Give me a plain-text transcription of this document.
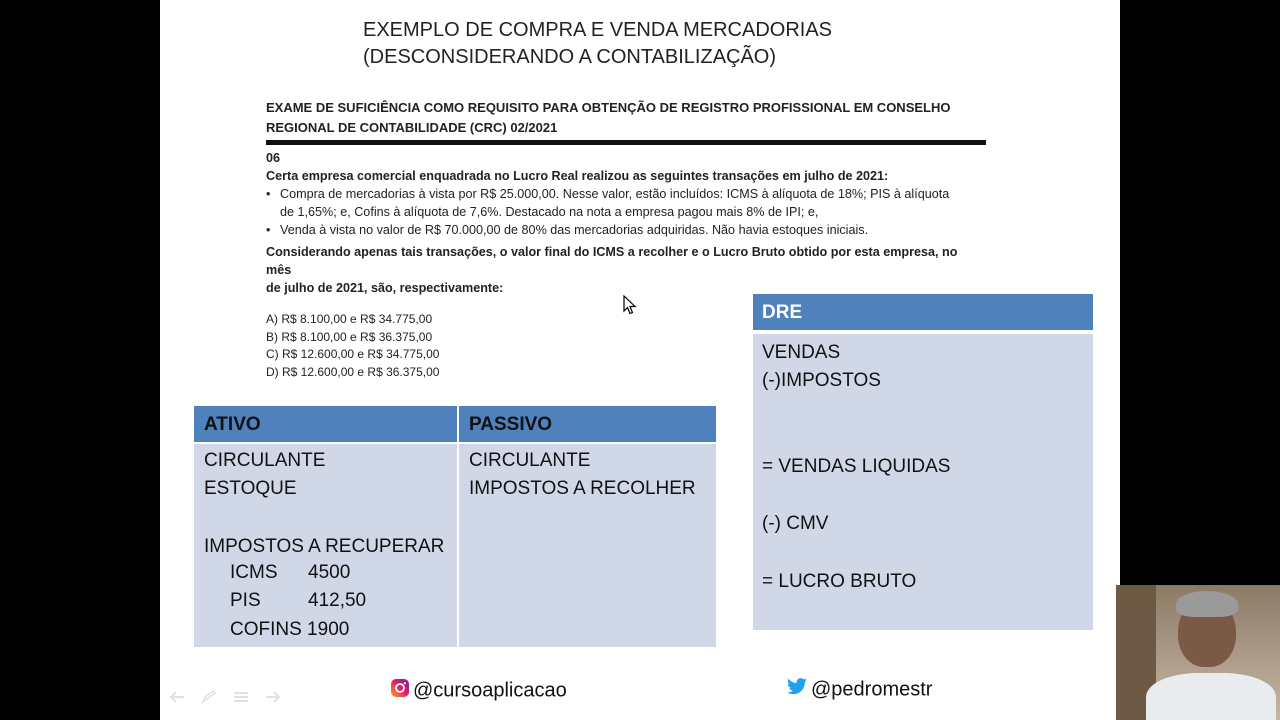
EXEMPLO DE COMPRA E VENDA MERCADORIAS
(DESCONSIDERANDO A CONTABILIZAÇÃO)
EXAME DE SUFICIÊNCIA COMO REQUISITO PARA OBTENÇÃO DE REGISTRO PROFISSIONAL EM CONSELHO
REGIONAL DE CONTABILIDADE (CRC) 02/2021
06
Certa empresa comercial enquadrada no Lucro Real realizou as seguintes transações em julho de 2021:
• Compra de mercadorias à vista por R$ 25.000,00. Nesse valor, estão incluídos: ICMS à alíquota de 18%; PIS à alíquota
de 1,65%; e, Cofins à alíquota de 7,6%. Destacado na nota a empresa pagou mais 8% de IPI; e,
• Venda à vista no valor de R$ 70.000,00 de 80% das mercadorias adquiridas. Não havia estoques iniciais.
Considerando apenas tais transações, o valor final do ICMS a recolher e o Lucro Bruto obtido por esta empresa, no mês
de julho de 2021, são, respectivamente:
A) R$ 8.100,00 e R$ 34.775,00
B) R$ 8.100,00 e R$ 36.375,00
C) R$ 12.600,00 e R$ 34.775,00
D) R$ 12.600,00 e R$ 36.375,00
ATIVO	PASSIVO
CIRCULANTE
ESTOQUE
IMPOSTOS A RECUPERAR
ICMS 4500
PIS 412,50
COFINS 1900
CIRCULANTE
IMPOSTOS A RECOLHER
DRE
VENDAS
(-)IMPOSTOS
= VENDAS LIQUIDAS
(-) CMV
= LUCRO BRUTO
@cursoaplicacao	@pedromestr
